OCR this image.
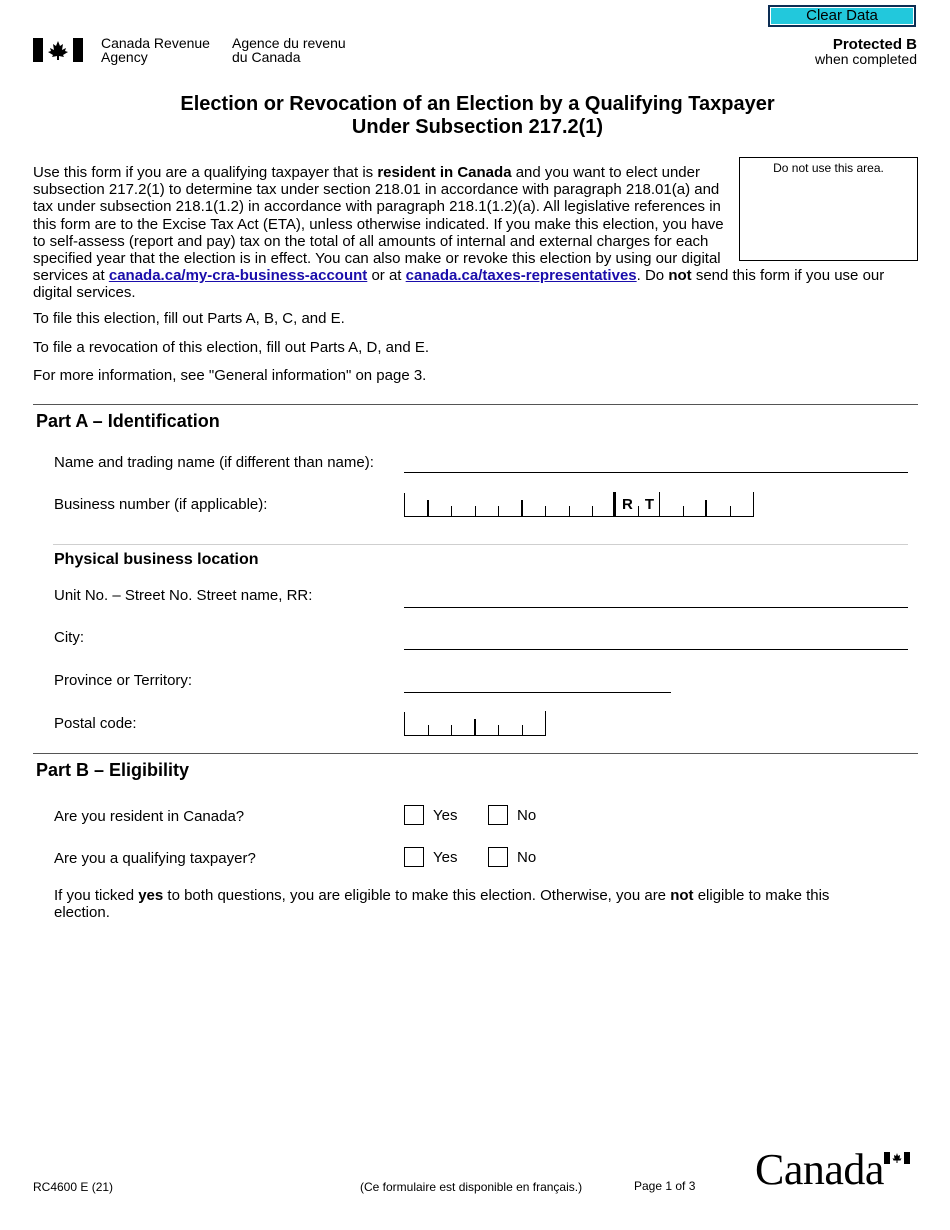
Clear Data
Canada Revenue
Agency
Agence du revenu
du Canada
Protected B
when completed
Election or Revocation of an Election by a Qualifying Taxpayer
Under Subsection 217.2(1)
Do not use this area.
Use this form if you are a qualifying taxpayer that is resident in Canada and you want to elect under subsection 217.2(1) to determine tax under section 218.01 in accordance with paragraph 218.01(a) and tax under subsection 218.1(1.2) in accordance with paragraph 218.1(1.2)(a). All legislative references in this form are to the Excise Tax Act (ETA), unless otherwise indicated. If you make this election, you have to self-assess (report and pay) tax on the total of all amounts of internal and external charges for each specified year that the election is in effect. You can also make or revoke this election by using our digital services at canada.ca/my-cra-business-account or at canada.ca/taxes-representatives. Do not send this form if you use our digital services.
To file this election, fill out Parts A, B, C, and E.
To file a revocation of this election, fill out Parts A, D, and E.
For more information, see "General information" on page 3.
Part A – Identification
Name and trading name (if different than name):
Business number (if applicable):	R T
Physical business location
Unit No. – Street No. Street name, RR:
City:
Province or Territory:
Postal code:
Part B – Eligibility
Are you resident in Canada?	Yes	No
Are you a qualifying taxpayer?	Yes	No
If you ticked yes to both questions, you are eligible to make this election. Otherwise, you are not eligible to make this election.
RC4600 E (21)	(Ce formulaire est disponible en français.)	Page 1 of 3 Canada
